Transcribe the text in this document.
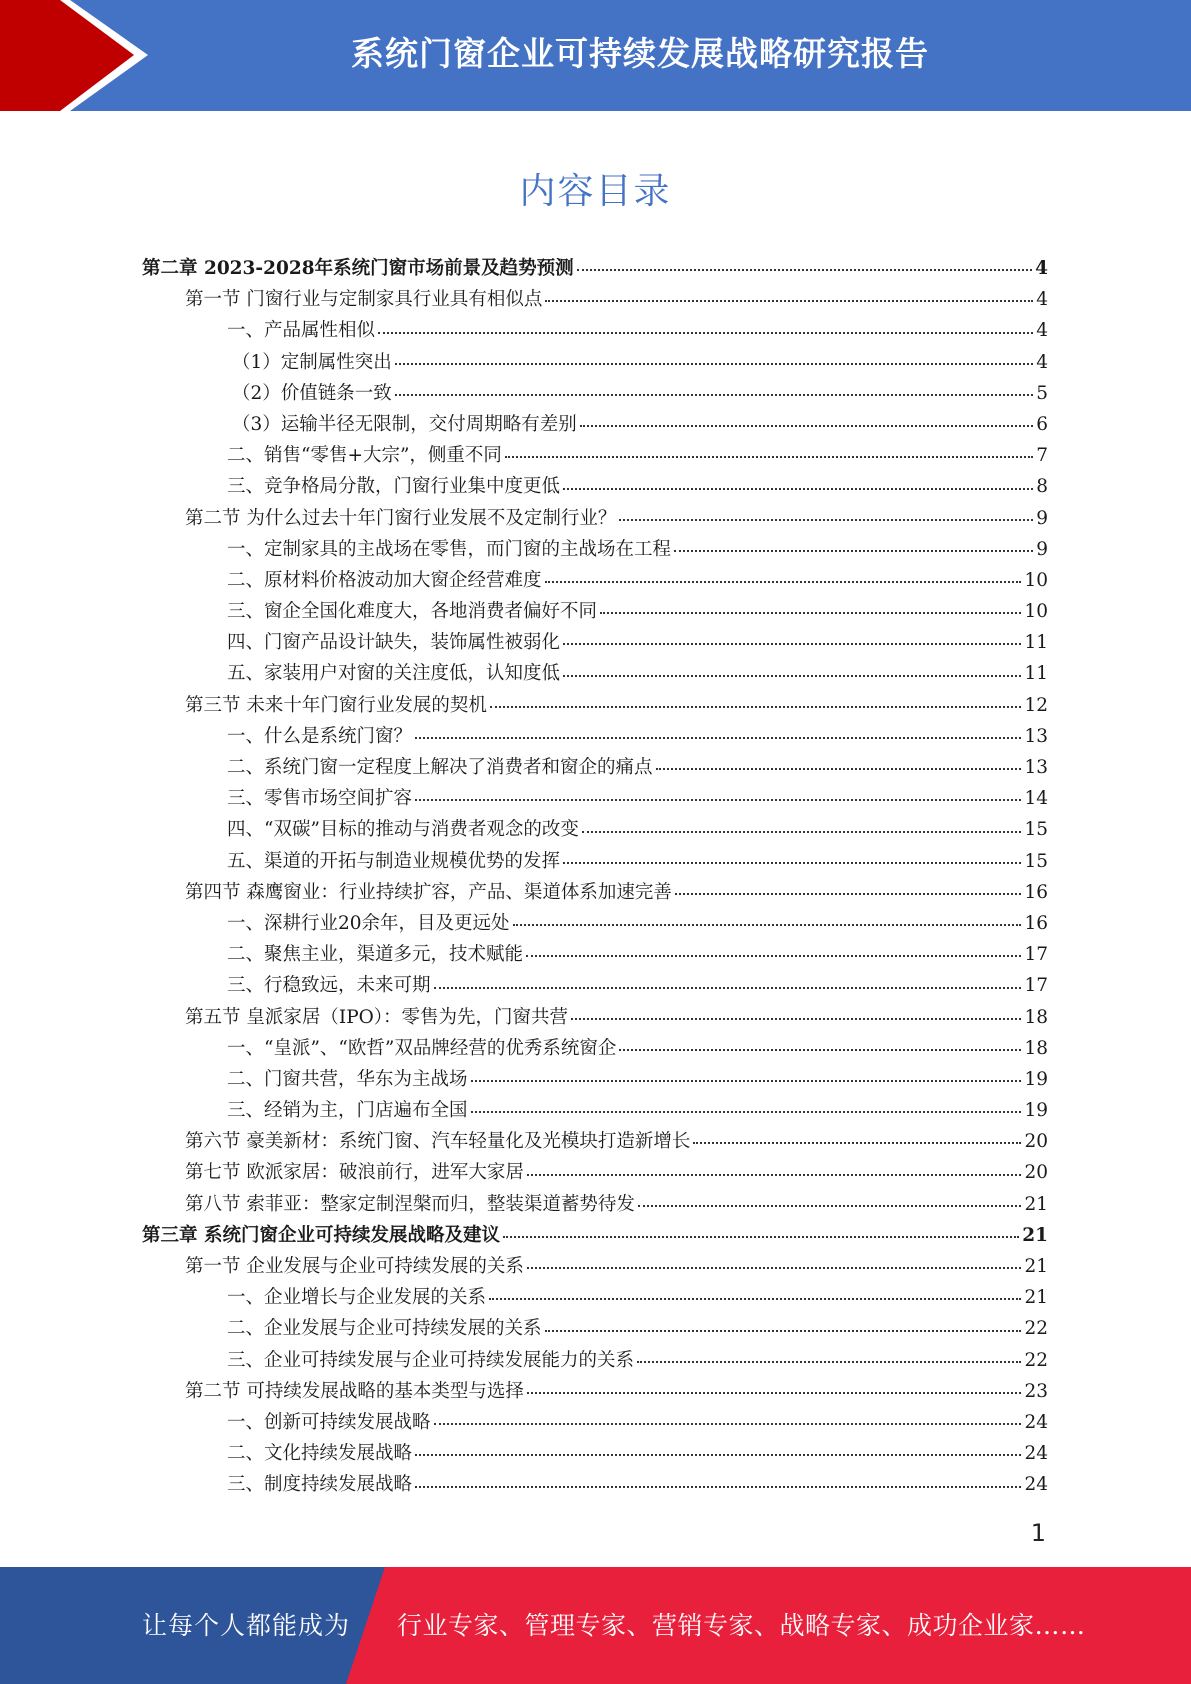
系统门窗企业可持续发展战略研究报告
内容目录
第二章 2023-2028年系统门窗市场前景及趋势预测	4
第一节 门窗行业与定制家具行业具有相似点	4
一、产品属性相似	4
（1）定制属性突出	4
（2）价值链条一致	5
（3）运输半径无限制，交付周期略有差别	6
二、销售“零售+大宗”，侧重不同	7
三、竞争格局分散，门窗行业集中度更低	8
第二节 为什么过去十年门窗行业发展不及定制行业？	9
一、定制家具的主战场在零售，而门窗的主战场在工程	9
二、原材料价格波动加大窗企经营难度	10
三、窗企全国化难度大，各地消费者偏好不同	10
四、门窗产品设计缺失，装饰属性被弱化	11
五、家装用户对窗的关注度低，认知度低	11
第三节 未来十年门窗行业发展的契机	12
一、什么是系统门窗？	13
二、系统门窗一定程度上解决了消费者和窗企的痛点	13
三、零售市场空间扩容	14
四、“双碳”目标的推动与消费者观念的改变	15
五、渠道的开拓与制造业规模优势的发挥	15
第四节 森鹰窗业：行业持续扩容，产品、渠道体系加速完善	16
一、深耕行业20余年，目及更远处	16
二、聚焦主业，渠道多元，技术赋能	17
三、行稳致远，未来可期	17
第五节 皇派家居（IPO）：零售为先，门窗共营	18
一、“皇派”、“欧哲”双品牌经营的优秀系统窗企	18
二、门窗共营，华东为主战场	19
三、经销为主，门店遍布全国	19
第六节 豪美新材：系统门窗、汽车轻量化及光模块打造新增长	20
第七节 欧派家居：破浪前行，进军大家居	20
第八节 索菲亚：整家定制涅槃而归，整装渠道蓄势待发	21
第三章 系统门窗企业可持续发展战略及建议	21
第一节 企业发展与企业可持续发展的关系	21
一、企业增长与企业发展的关系	21
二、企业发展与企业可持续发展的关系	22
三、企业可持续发展与企业可持续发展能力的关系	22
第二节 可持续发展战略的基本类型与选择	23
一、创新可持续发展战略	24
二、文化持续发展战略	24
三、制度持续发展战略	24
1
让每个人都能成为 行业专家、管理专家、营销专家、战略专家、成功企业家……
